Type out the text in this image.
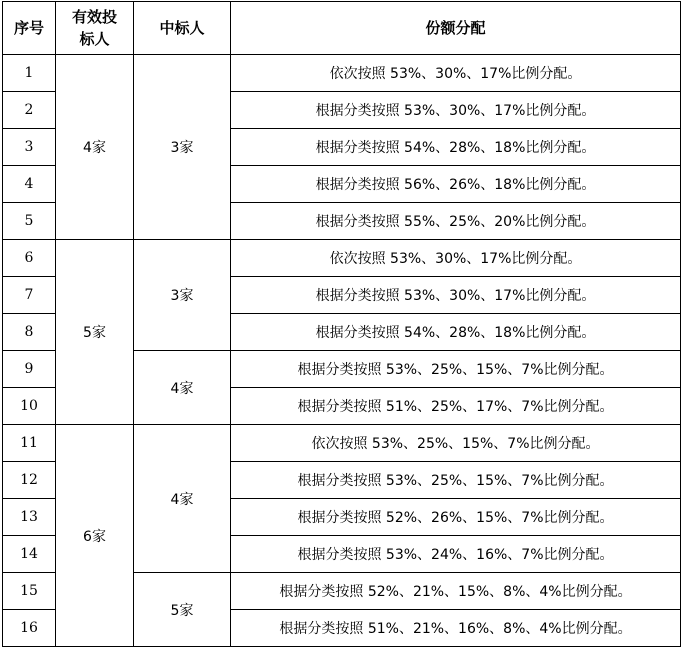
序号	有效投
标人	中标人	份额分配
1	4家	3家	依次按照 53%、30%、17%比例分配。
2			根据分类按照 53%、30%、17%比例分配。
3			根据分类按照 54%、28%、18%比例分配。
4			根据分类按照 56%、26%、18%比例分配。
5			根据分类按照 55%、25%、20%比例分配。
6	5家	3家	依次按照 53%、30%、17%比例分配。
7			根据分类按照 53%、30%、17%比例分配。
8			根据分类按照 54%、28%、18%比例分配。
9		4家	根据分类按照 53%、25%、15%、7%比例分配。
10			根据分类按照 51%、25%、17%、7%比例分配。
11	6家	4家	依次按照 53%、25%、15%、7%比例分配。
12			根据分类按照 53%、25%、15%、7%比例分配。
13			根据分类按照 52%、26%、15%、7%比例分配。
14			根据分类按照 53%、24%、16%、7%比例分配。
15		5家	根据分类按照 52%、21%、15%、8%、4%比例分配。
16			根据分类按照 51%、21%、16%、8%、4%比例分配。
